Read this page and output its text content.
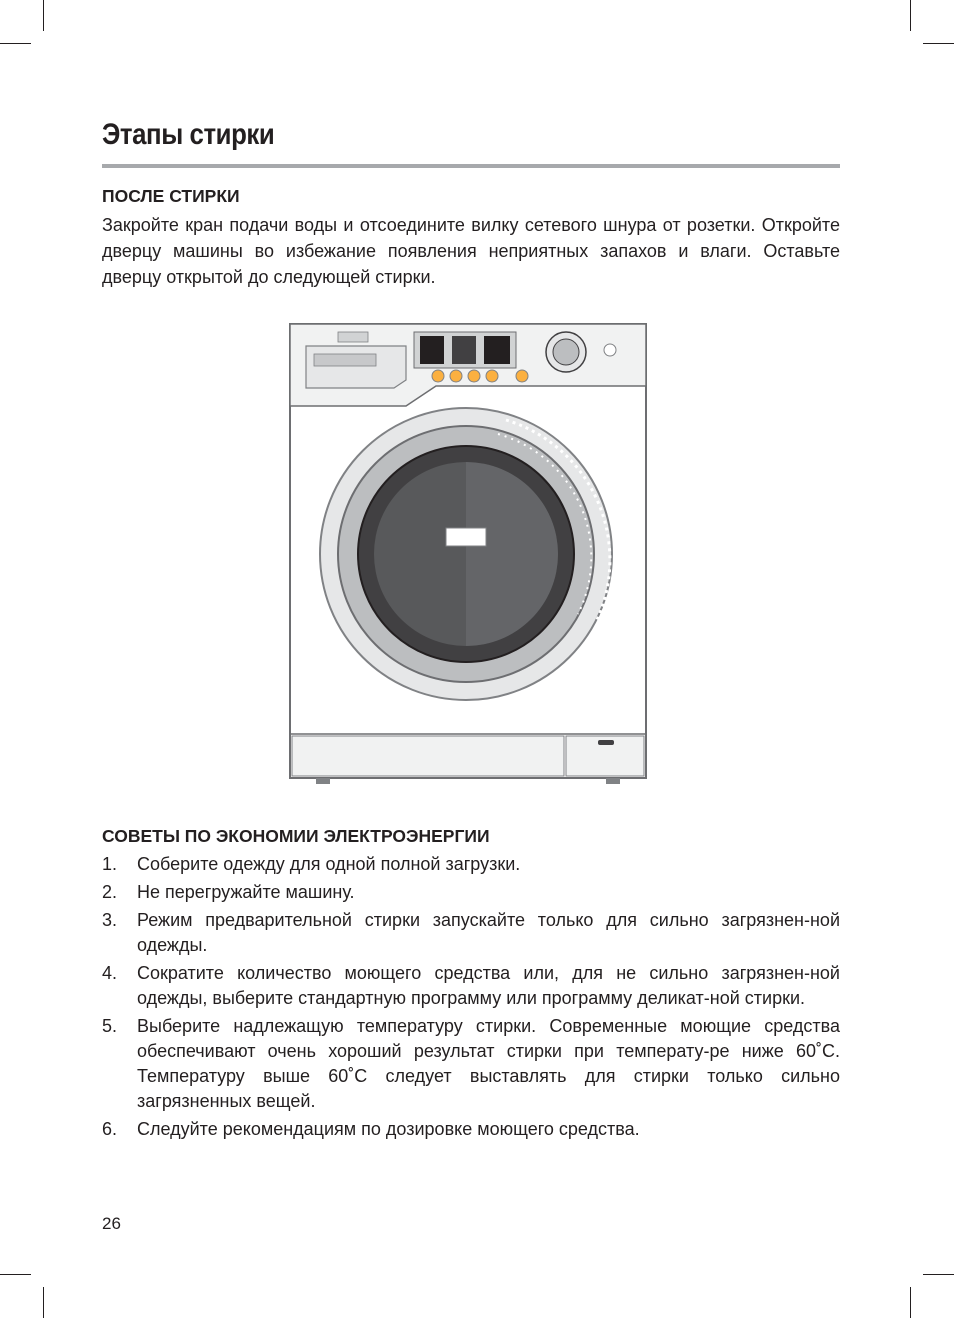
Этапы стирки
ПОСЛЕ СТИРКИ

Закройте кран подачи воды и отсоедините вилку сетевого шнура от розетки. Откройте дверцу машины во избежание появления неприятных запахов и влаги. Оставьте дверцу открытой до следующей стирки.

СОВЕТЫ ПО ЭКОНОМИИ ЭЛЕКТРОЭНЕРГИИ
1. Соберите одежду для одной полной загрузки.
2. Не перегружайте машину.
3. Режим предварительной стирки запускайте только для сильно загрязнен-ной одежды.
4. Сократите количество моющего средства или, для не сильно загрязнен-ной одежды, выберите стандартную программу или программу деликат-ной стирки.
5. Выберите надлежащую температуру стирки. Современные моющие средства обеспечивают очень хороший результат стирки при температу-ре ниже 60˚С. Температуру выше 60˚С следует выставлять для стирки только сильно загрязненных вещей.
6. Следуйте рекомендациям по дозировке моющего средства.
26
